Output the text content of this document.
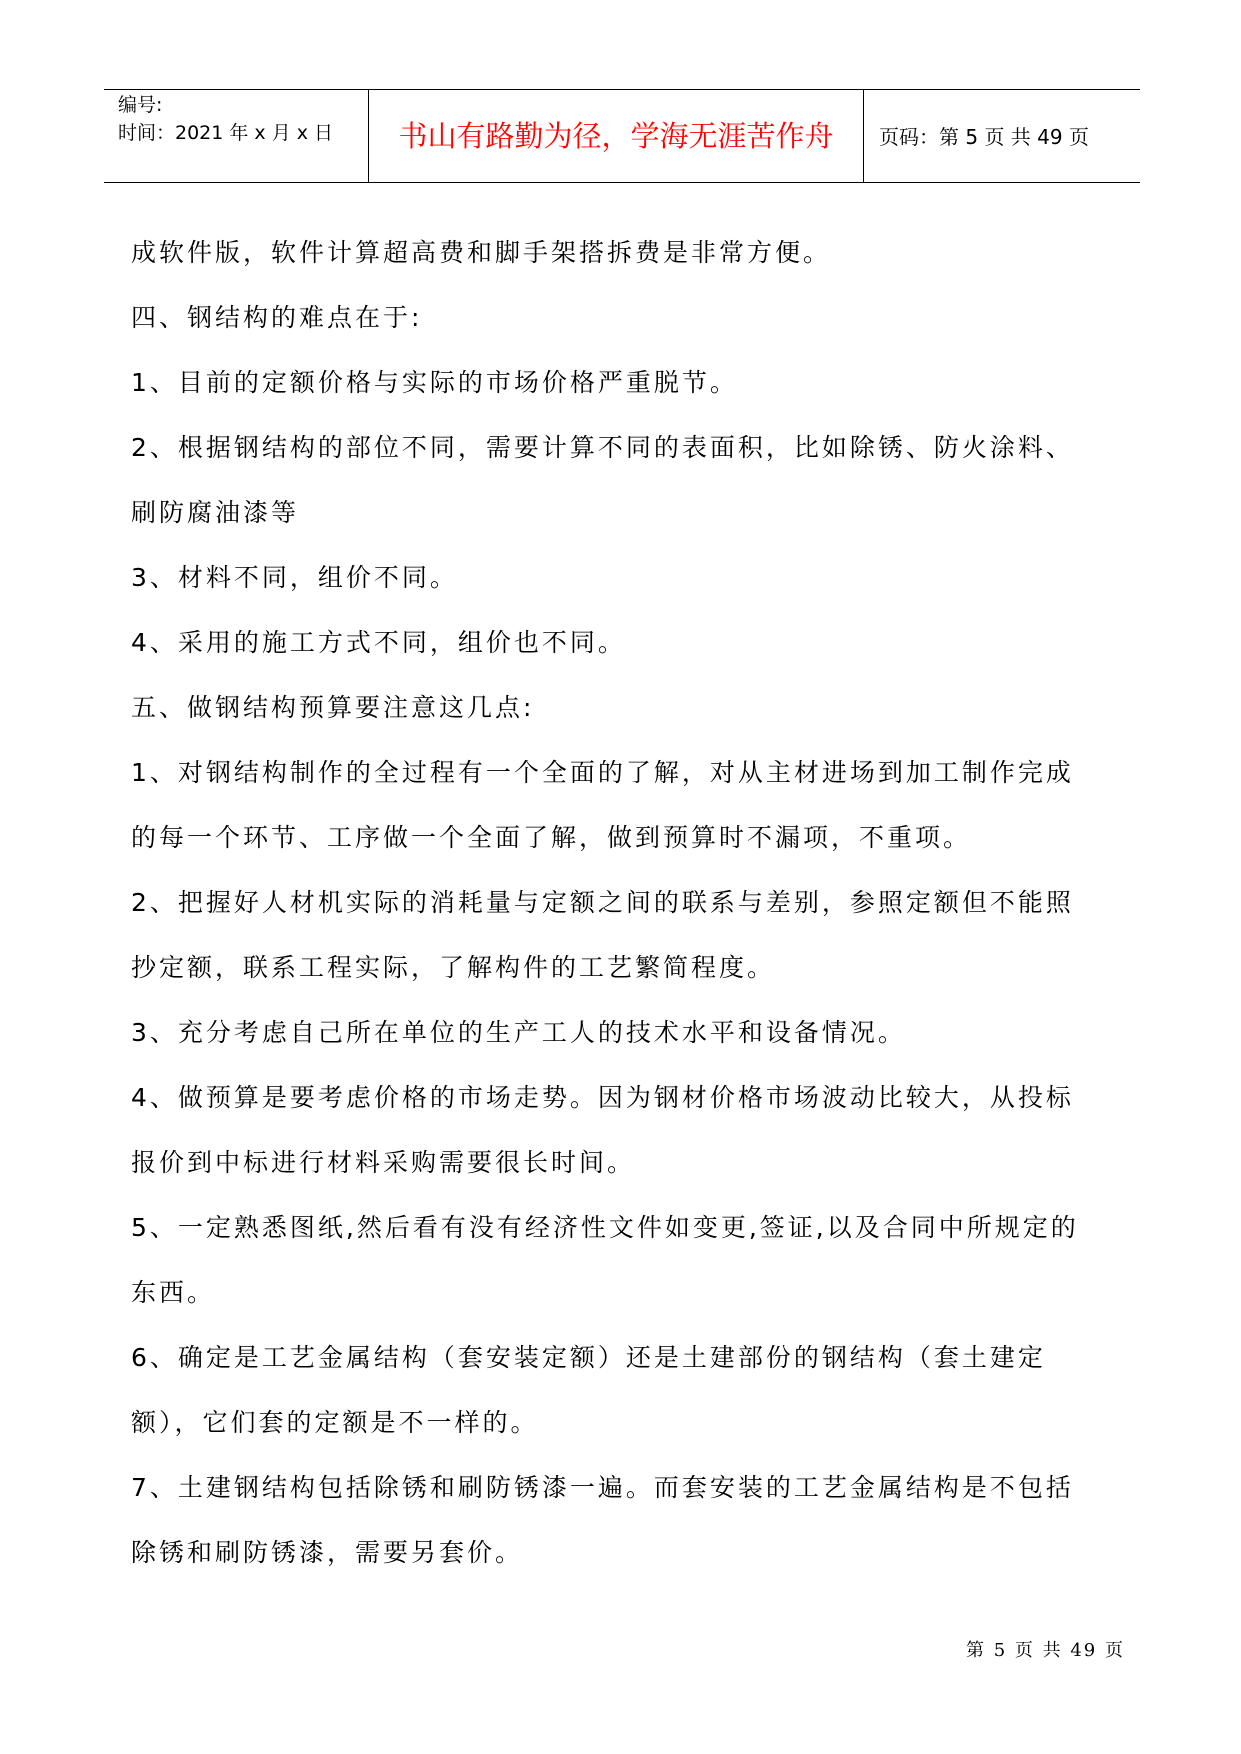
编号:
时间：2021 年 x 月 x 日	书山有路勤为径，学海无涯苦作舟	页码：第 5 页 共 49 页

成软件版，软件计算超高费和脚手架搭拆费是非常方便。

四、钢结构的难点在于:

1、目前的定额价格与实际的市场价格严重脱节。

2、根据钢结构的部位不同，需要计算不同的表面积，比如除锈、防火涂料、

刷防腐油漆等

3、材料不同，组价不同。

4、采用的施工方式不同，组价也不同。

五、做钢结构预算要注意这几点:

1、对钢结构制作的全过程有一个全面的了解，对从主材进场到加工制作完成

的每一个环节、工序做一个全面了解，做到预算时不漏项，不重项。

2、把握好人材机实际的消耗量与定额之间的联系与差别，参照定额但不能照

抄定额，联系工程实际，了解构件的工艺繁简程度。

3、充分考虑自己所在单位的生产工人的技术水平和设备情况。

4、做预算是要考虑价格的市场走势。因为钢材价格市场波动比较大，从投标

报价到中标进行材料采购需要很长时间。

5、一定熟悉图纸,然后看有没有经济性文件如变更,签证,以及合同中所规定的

东西。

6、确定是工艺金属结构（套安装定额）还是土建部份的钢结构（套土建定

额），它们套的定额是不一样的。

7、土建钢结构包括除锈和刷防锈漆一遍。而套安装的工艺金属结构是不包括

除锈和刷防锈漆，需要另套价。

第 5 页 共 49 页
